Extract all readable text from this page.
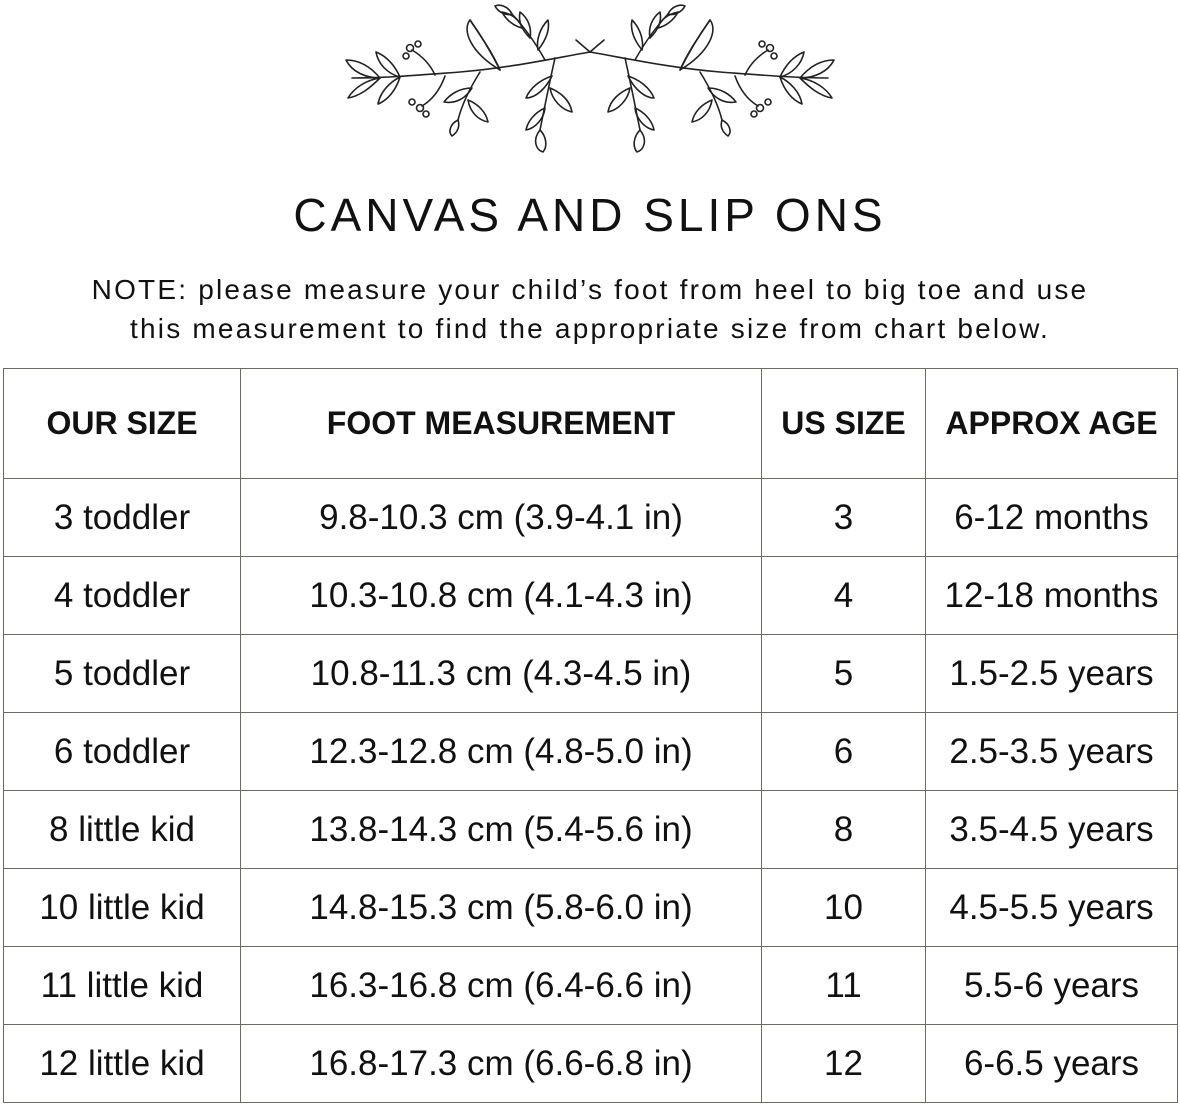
CANVAS AND SLIP ONS
NOTE: please measure your child’s foot from heel to big toe and use
this measurement to find the appropriate size from chart below.
OUR SIZE	FOOT MEASUREMENT	US SIZE	APPROX AGE
3 toddler	9.8-10.3 cm (3.9-4.1 in)	3	6-12 months
4 toddler	10.3-10.8 cm (4.1-4.3 in)	4	12-18 months
5 toddler	10.8-11.3 cm (4.3-4.5 in)	5	1.5-2.5 years
6 toddler	12.3-12.8 cm (4.8-5.0 in)	6	2.5-3.5 years
8 little kid	13.8-14.3 cm (5.4-5.6 in)	8	3.5-4.5 years
10 little kid	14.8-15.3 cm (5.8-6.0 in)	10	4.5-5.5 years
11 little kid	16.3-16.8 cm (6.4-6.6 in)	11	5.5-6 years
12 little kid	16.8-17.3 cm (6.6-6.8 in)	12	6-6.5 years
